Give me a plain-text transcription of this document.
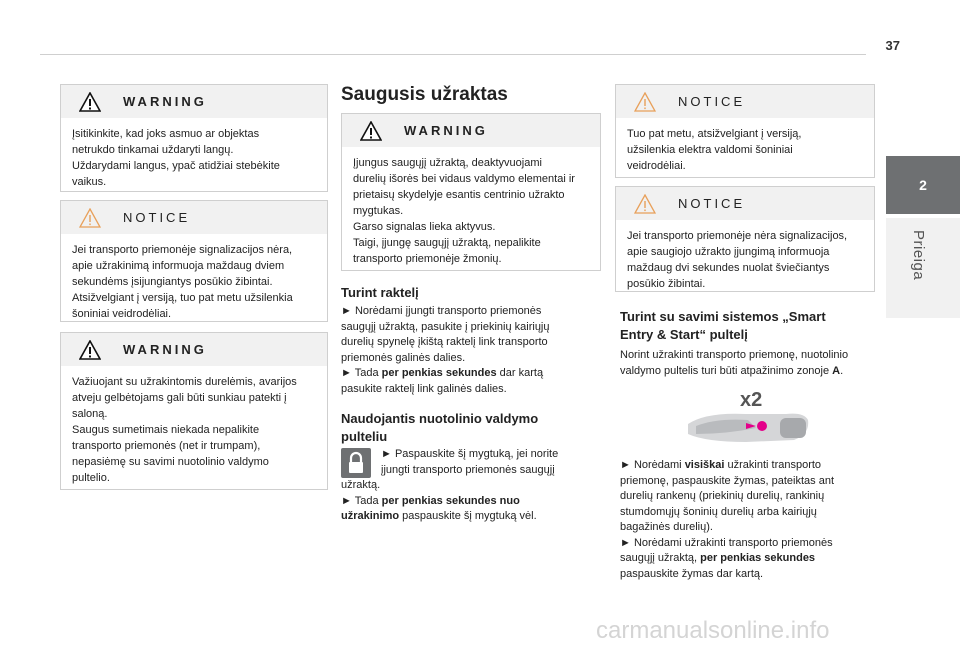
37
2
Prieiga
WARNING
Įsitikinkite, kad joks asmuo ar objektas
netrukdo tinkamai uždaryti langų.
Uždarydami langus, ypač atidžiai stebėkite
vaikus.
NOTICE
Jei transporto priemonėje signalizacijos nėra,
apie užrakinimą informuoja maždaug dviem
sekundėms įsijungiantys posūkio žibintai.
Atsižvelgiant į versiją, tuo pat metu užsilenkia
šoniniai veidrodėliai.
WARNING
Važiuojant su užrakintomis durelėmis, avarijos
atveju gelbėtojams gali būti sunkiau patekti į
saloną.
Saugus sumetimais niekada nepalikite
transporto priemonės (net ir trumpam),
nepasiėmę su savimi nuotolinio valdymo
pultelio.
Saugusis užraktas
WARNING
Įjungus saugųjį užraktą, deaktyvuojami
durelių išorės bei vidaus valdymo elementai ir
prietaisų skydelyje esantis centrinio užrakto
mygtukas.
Garso signalas lieka aktyvus.
Taigi, įjungę saugųjį užraktą, nepalikite
transporto priemonėje žmonių.
Turint raktelį
► Norėdami įjungti transporto priemonės
saugųjį užraktą, pasukite į priekinių kairiųjų
durelių spynelę įkištą raktelį link transporto
priemonės galinės dalies.
► Tada per penkias sekundes dar kartą
pasukite raktelį link galinės dalies.
Naudojantis nuotolinio valdymo
pulteliu
► Paspauskite šį mygtuką, jei norite
įjungti transporto priemonės saugųjį
užraktą.
► Tada per penkias sekundes nuo
užrakinimo paspauskite šį mygtuką vėl.
NOTICE
Tuo pat metu, atsižvelgiant į versiją,
užsilenkia elektra valdomi šoniniai
veidrodėliai.
NOTICE
Jei transporto priemonėje nėra signalizacijos,
apie saugiojo užrakto įjungimą informuoja
maždaug dvi sekundes nuolat šviečiantys
posūkio žibintai.
Turint su savimi sistemos „Smart
Entry & Start“ pultelį
Norint užrakinti transporto priemonę, nuotolinio
valdymo pultelis turi būti atpažinimo zonoje A.
x2
► Norėdami visiškai užrakinti transporto
priemonę, paspauskite žymas, pateiktas ant
durelių rankenų (priekinių durelių, rankinių
stumdomųjų šoninių durelių arba kairiųjų
bagažinės durelių).
► Norėdami užrakinti transporto priemonės
saugųjį užraktą, per penkias sekundes
paspauskite žymas dar kartą.
carmanualsonline.info
